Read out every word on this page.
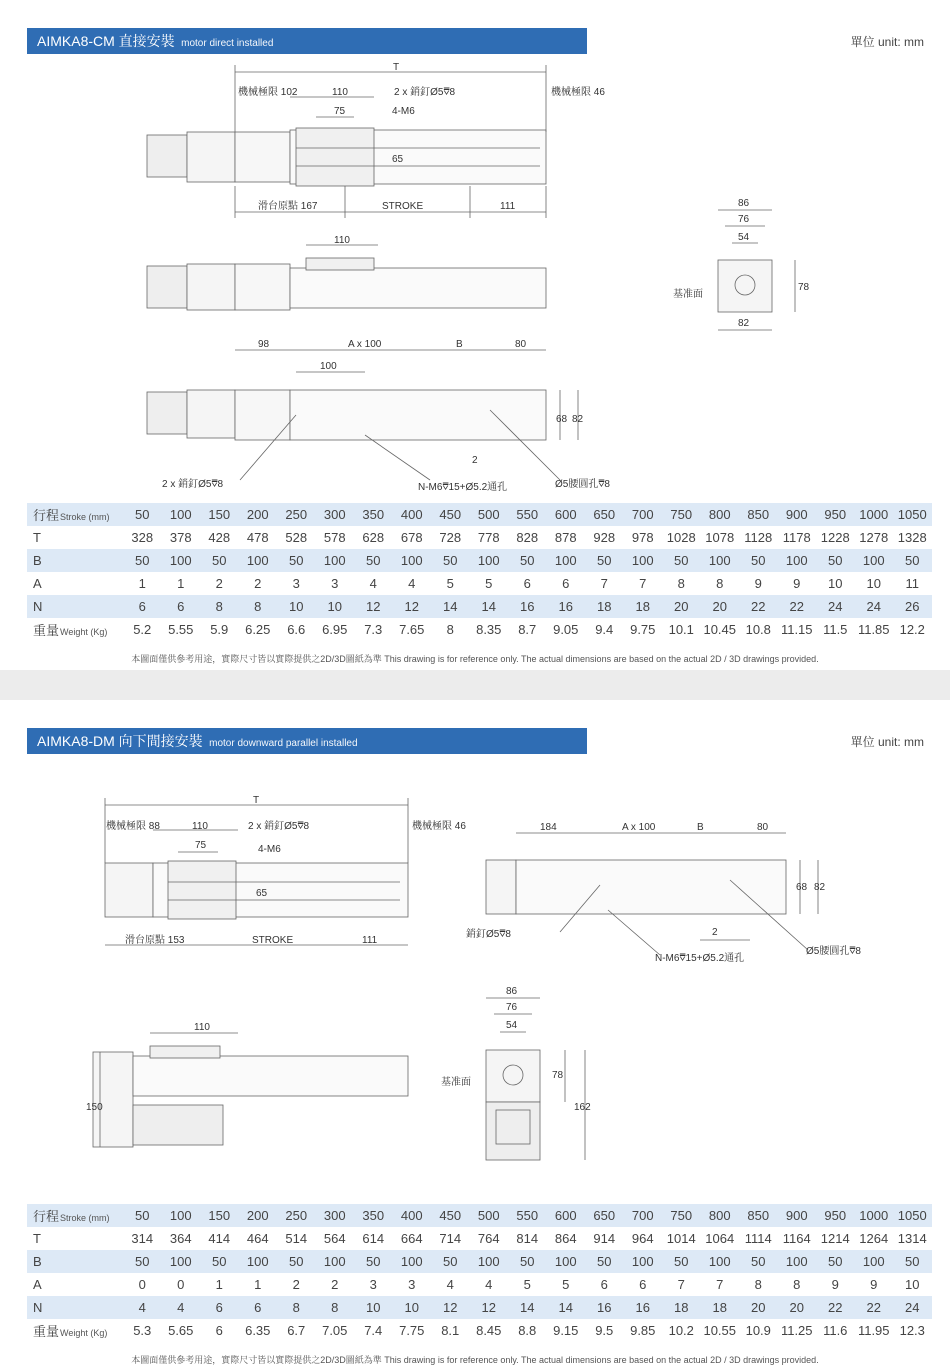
AIMKA8-CM 直接安裝 motor direct installed	單位 unit: mm
T
機械極限 102	110	2 x 銷釘Ø5⩢8
75	4-M6
機械極限 46
65
滑台原點 167	STROKE	111
110
98	A x 100	B	80
100
68 82
2
2 x 銷釘Ø5⩢8	N-M6⩢15+Ø5.2通孔	Ø5腰圓孔⩢8
86
76
54
78
82
基准面
行程Stroke (mm)	50	100	150	200	250	300	350	400	450	500	550	600	650	700	750	800	850	900	950	1000	1050
T	328	378	428	478	528	578	628	678	728	778	828	878	928	978	1028	1078	1128	1178	1228	1278	1328
B	50	100	50	100	50	100	50	100	50	100	50	100	50	100	50	100	50	100	50	100	50
A	1	1	2	2	3	3	4	4	5	5	6	6	7	7	8	8	9	9	10	10	11
N	6	6	8	8	10	10	12	12	14	14	16	16	18	18	20	20	22	22	24	24	26
重量Weight (Kg)	5.2	5.55	5.9	6.25	6.6	6.95	7.3	7.65	8	8.35	8.7	9.05	9.4	9.75	10.1	10.45	10.8	11.15	11.5	11.85	12.2
本圖面僅供參考用途，實際尺寸皆以實際提供之2D/3D圖紙為準 This drawing is for reference only. The actual dimensions are based on the actual 2D / 3D drawings provided.
AIMKA8-DM 向下間接安裝 motor downward parallel installed	單位 unit: mm
T
機械極限 88	110	2 x 銷釘Ø5⩢8
75	4-M6
機械極限 46
65
滑台原點 153	STROKE	111
184	A x 100	B	80
68 82
銷釘Ø5⩢8	2
N-M6⩢15+Ø5.2通孔
Ø5腰圓孔⩢8
110
150
86
76
54
78
162
基准面
行程Stroke (mm)	50	100	150	200	250	300	350	400	450	500	550	600	650	700	750	800	850	900	950	1000	1050
T	314	364	414	464	514	564	614	664	714	764	814	864	914	964	1014	1064	1114	1164	1214	1264	1314
B	50	100	50	100	50	100	50	100	50	100	50	100	50	100	50	100	50	100	50	100	50
A	0	0	1	1	2	2	3	3	4	4	5	5	6	6	7	7	8	8	9	9	10
N	4	4	6	6	8	8	10	10	12	12	14	14	16	16	18	18	20	20	22	22	24
重量Weight (Kg)	5.3	5.65	6	6.35	6.7	7.05	7.4	7.75	8.1	8.45	8.8	9.15	9.5	9.85	10.2	10.55	10.9	11.25	11.6	11.95	12.3
本圖面僅供參考用途，實際尺寸皆以實際提供之2D/3D圖紙為準 This drawing is for reference only. The actual dimensions are based on the actual 2D / 3D drawings provided.
